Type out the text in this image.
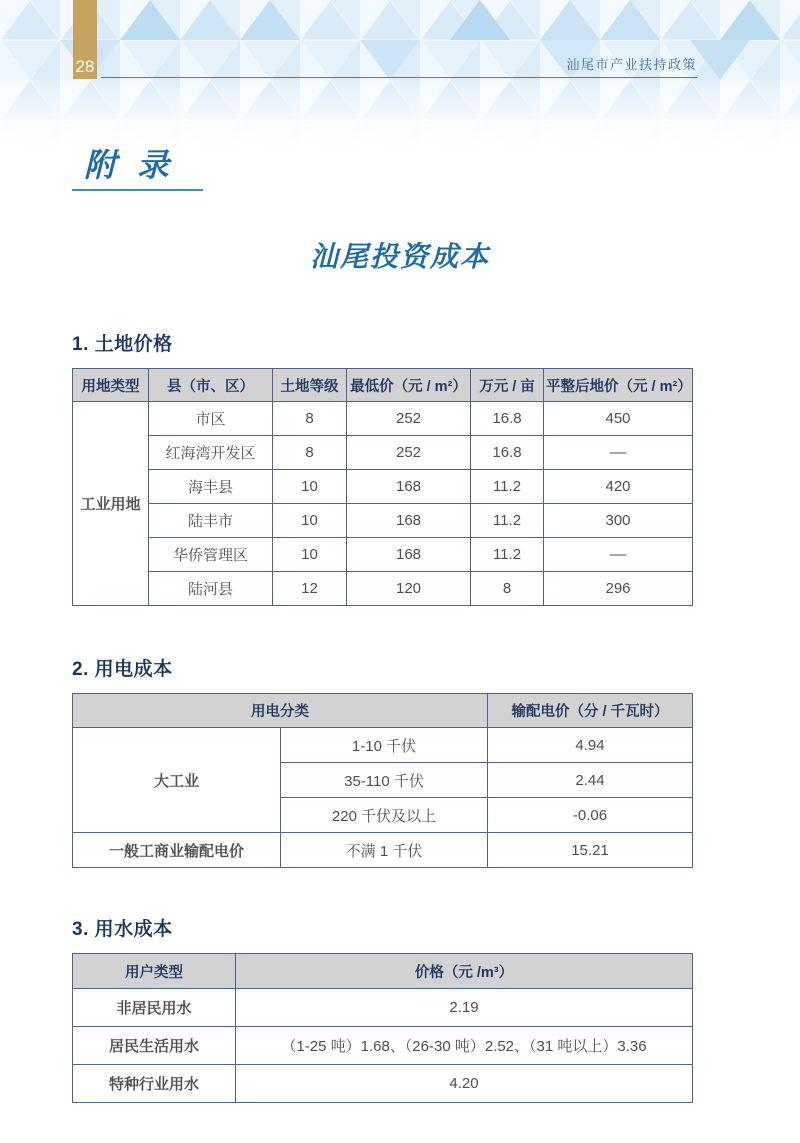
28	汕尾市产业扶持政策
附 录
汕尾投资成本
1. 土地价格
用地类型	县（市、区）	土地等级	最低价（元 / m²）	万元 / 亩	平整后地价（元 / m²）
工业用地	市区	8	252	16.8	450
	红海湾开发区	8	252	16.8	––
	海丰县	10	168	11.2	420
	陆丰市	10	168	11.2	300
	华侨管理区	10	168	11.2	––
	陆河县	12	120	8	296
2. 用电成本
用电分类		输配电价（分 / 千瓦时）
大工业	1-10 千伏	4.94
	35-110 千伏	2.44
	220 千伏及以上	-0.06
一般工商业输配电价	不满 1 千伏	15.21
3. 用水成本
用户类型	价格（元 /m³）
非居民用水	2.19
居民生活用水	（1-25 吨）1.68、（26-30 吨）2.52、（31 吨以上）3.36
特种行业用水	4.20
